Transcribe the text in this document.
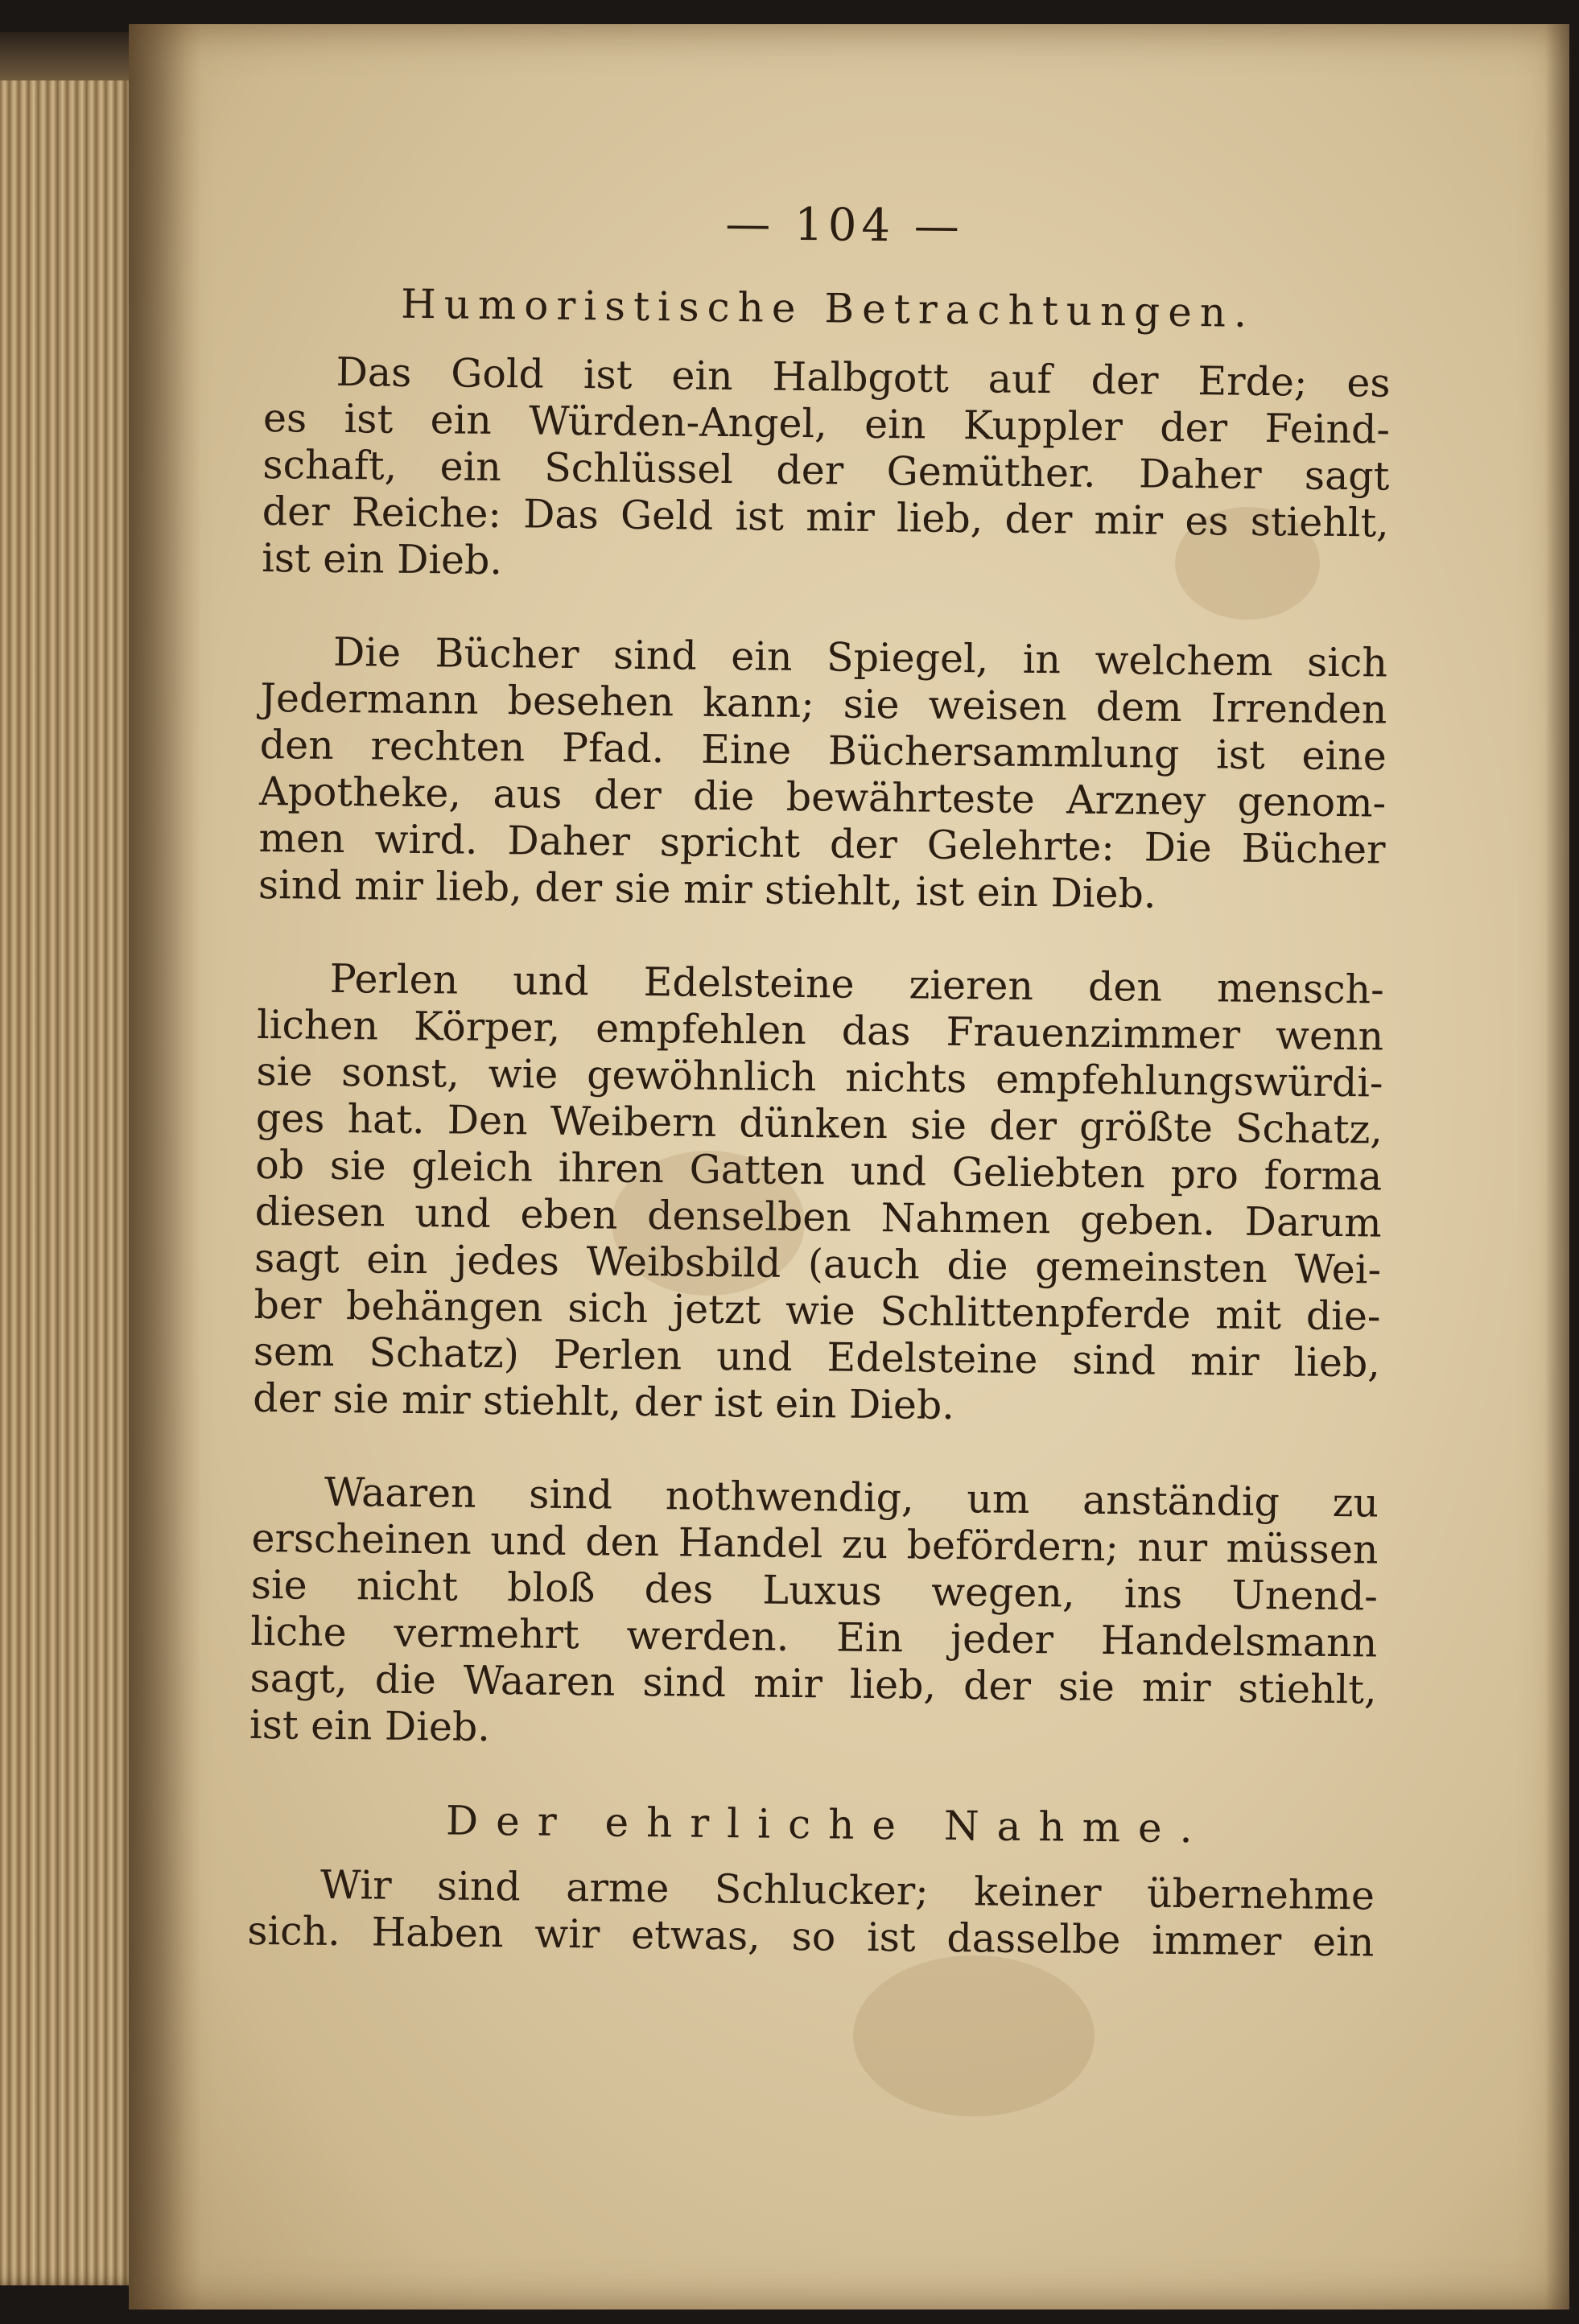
— 104 —
Humoristische Betrachtungen.
Das Gold ist ein Halbgott auf der Erde; es
es ist ein Würden-Angel, ein Kuppler der Feind-
schaft, ein Schlüssel der Gemüther. Daher sagt
der Reiche: Das Geld ist mir lieb, der mir es stiehlt,
ist ein Dieb.
Die Bücher sind ein Spiegel, in welchem sich
Jedermann besehen kann; sie weisen dem Irrenden
den rechten Pfad. Eine Büchersammlung ist eine
Apotheke, aus der die bewährteste Arzney genom-
men wird. Daher spricht der Gelehrte: Die Bücher
sind mir lieb, der sie mir stiehlt, ist ein Dieb.
Perlen und Edelsteine zieren den mensch-
lichen Körper, empfehlen das Frauenzimmer wenn
sie sonst, wie gewöhnlich nichts empfehlungswürdi-
ges hat. Den Weibern dünken sie der größte Schatz,
ob sie gleich ihren Gatten und Geliebten pro forma
diesen und eben denselben Nahmen geben. Darum
sagt ein jedes Weibsbild (auch die gemeinsten Wei-
ber behängen sich jetzt wie Schlittenpferde mit die-
sem Schatz) Perlen und Edelsteine sind mir lieb,
der sie mir stiehlt, der ist ein Dieb.
Waaren sind nothwendig, um anständig zu
erscheinen und den Handel zu befördern; nur müssen
sie nicht bloß des Luxus wegen, ins Unend-
liche vermehrt werden. Ein jeder Handelsmann
sagt, die Waaren sind mir lieb, der sie mir stiehlt,
ist ein Dieb.
Der ehrliche Nahme.
Wir sind arme Schlucker; keiner übernehme
sich. Haben wir etwas, so ist dasselbe immer ein
